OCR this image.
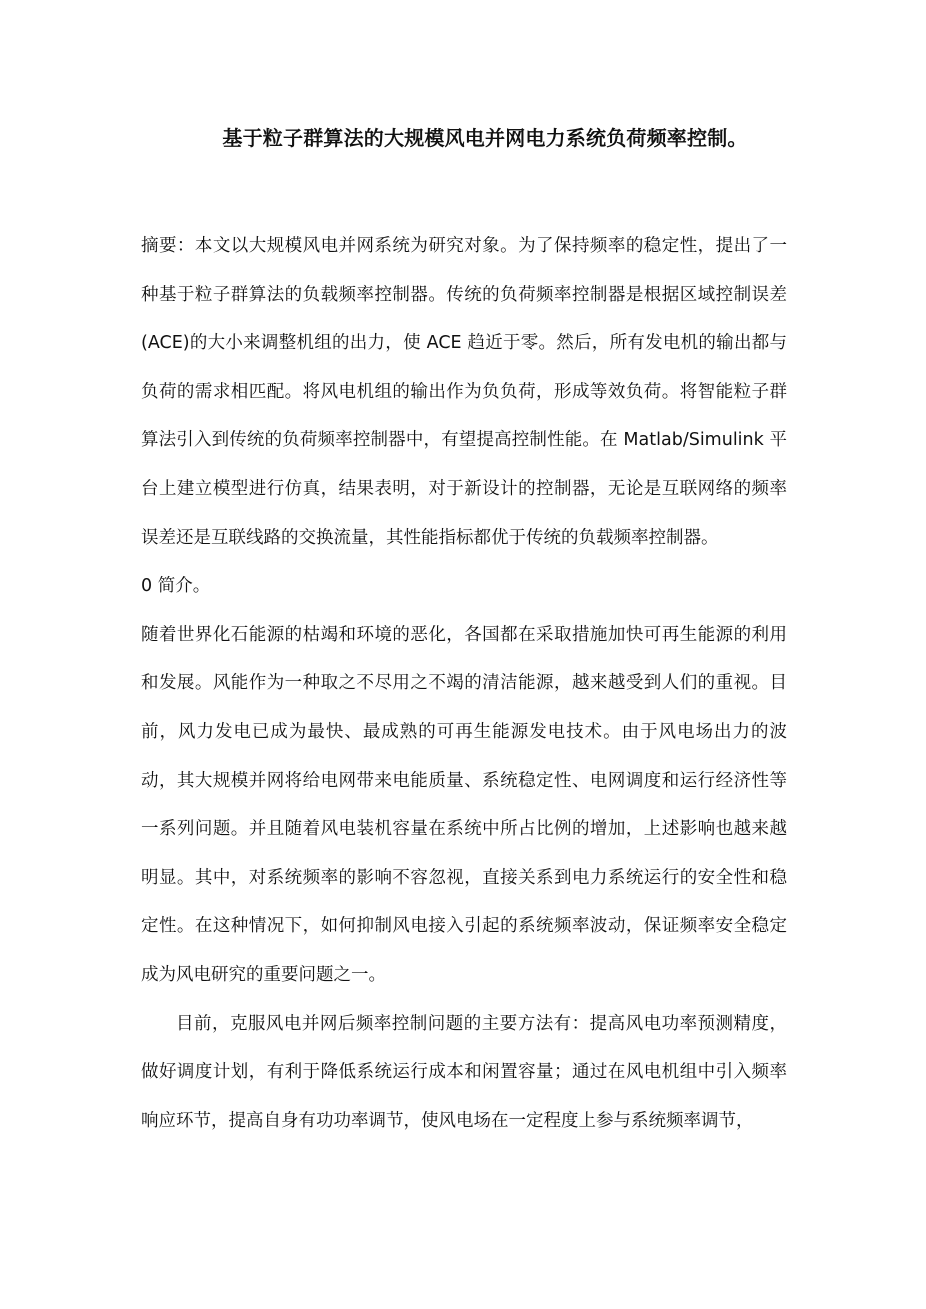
基于粒子群算法的大规模风电并网电力系统负荷频率控制。

摘要：本文以大规模风电并网系统为研究对象。为了保持频率的稳定性，提出了一种基于粒子群算法的负载频率控制器。传统的负荷频率控制器是根据区域控制误差(ACE)的大小来调整机组的出力，使 ACE 趋近于零。然后，所有发电机的输出都与负荷的需求相匹配。将风电机组的输出作为负负荷，形成等效负荷。将智能粒子群算法引入到传统的负荷频率控制器中，有望提高控制性能。在 Matlab/Simulink 平台上建立模型进行仿真，结果表明，对于新设计的控制器，无论是互联网络的频率误差还是互联线路的交换流量，其性能指标都优于传统的负载频率控制器。

0 简介。

随着世界化石能源的枯竭和环境的恶化，各国都在采取措施加快可再生能源的利用和发展。风能作为一种取之不尽用之不竭的清洁能源，越来越受到人们的重视。目前，风力发电已成为最快、最成熟的可再生能源发电技术。由于风电场出力的波动，其大规模并网将给电网带来电能质量、系统稳定性、电网调度和运行经济性等一系列问题。并且随着风电装机容量在系统中所占比例的增加，上述影响也越来越明显。其中，对系统频率的影响不容忽视，直接关系到电力系统运行的安全性和稳定性。在这种情况下，如何抑制风电接入引起的系统频率波动，保证频率安全稳定成为风电研究的重要问题之一。

目前，克服风电并网后频率控制问题的主要方法有：提高风电功率预测精度，做好调度计划，有利于降低系统运行成本和闲置容量；通过在风电机组中引入频率响应环节，提高自身有功功率调节，使风电场在一定程度上参与系统频率调节，
